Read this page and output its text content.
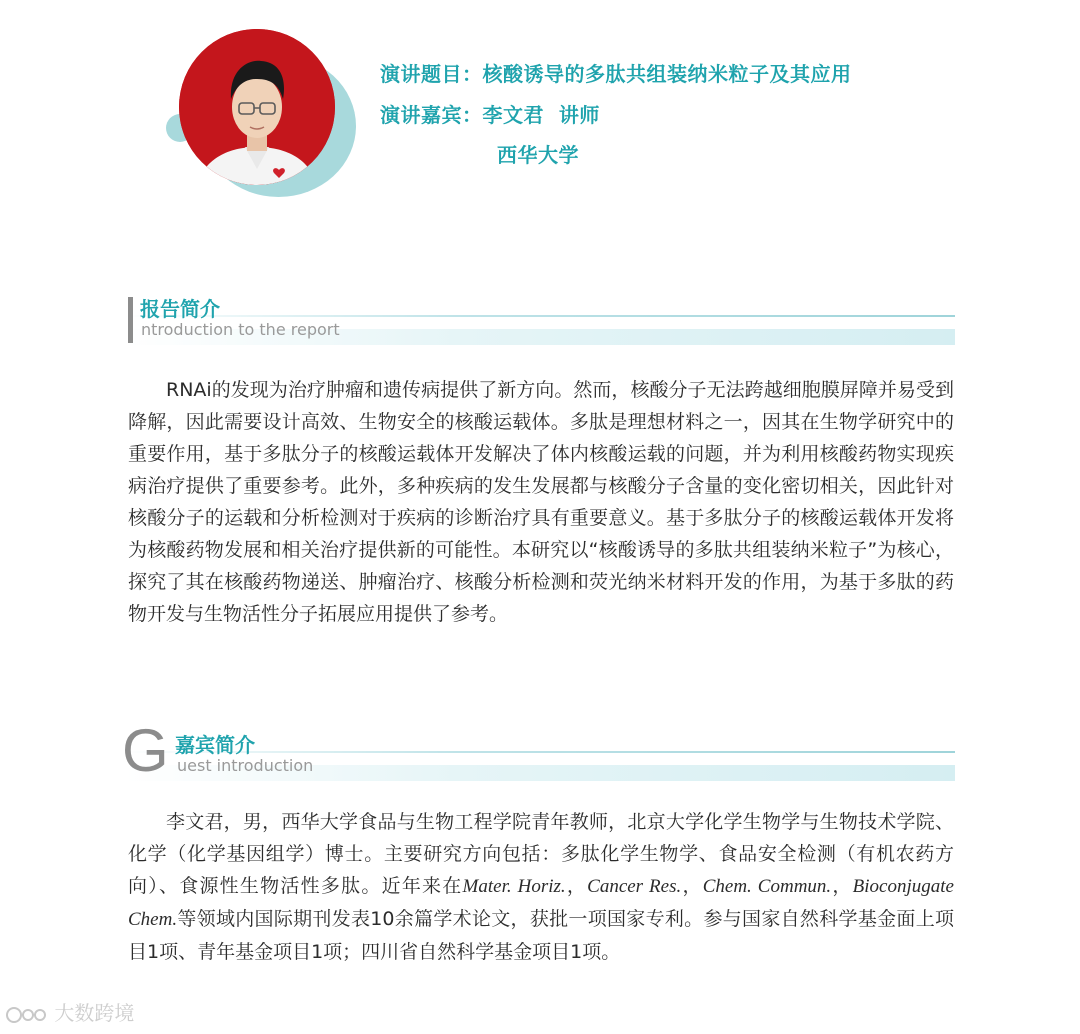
演讲题目：核酸诱导的多肽共组装纳米粒子及其应用
演讲嘉宾：李文君  讲师
西华大学
报告简介
ntroduction to the report
RNAi的发现为治疗肿瘤和遗传病提供了新方向。然而，核酸分子无法跨越细胞膜屏障并易受到降解，因此需要设计高效、生物安全的核酸运载体。多肽是理想材料之一，因其在生物学研究中的重要作用，基于多肽分子的核酸运载体开发解决了体内核酸运载的问题，并为利用核酸药物实现疾病治疗提供了重要参考。此外，多种疾病的发生发展都与核酸分子含量的变化密切相关，因此针对核酸分子的运载和分析检测对于疾病的诊断治疗具有重要意义。基于多肽分子的核酸运载体开发将为核酸药物发展和相关治疗提供新的可能性。本研究以“核酸诱导的多肽共组装纳米粒子”为核心，探究了其在核酸药物递送、肿瘤治疗、核酸分析检测和荧光纳米材料开发的作用，为基于多肽的药物开发与生物活性分子拓展应用提供了参考。
G 嘉宾简介
uest introduction
李文君，男，西华大学食品与生物工程学院青年教师，北京大学化学生物学与生物技术学院、化学（化学基因组学）博士。主要研究方向包括：多肽化学生物学、食品安全检测（有机农药方向）、食源性生物活性多肽。近年来在Mater. Horiz.，Cancer Res.，Chem. Commun.，Bioconjugate Chem.等领域内国际期刊发表10余篇学术论文，获批一项国家专利。参与国家自然科学基金面上项目1项、青年基金项目1项；四川省自然科学基金项目1项。
大数跨境
